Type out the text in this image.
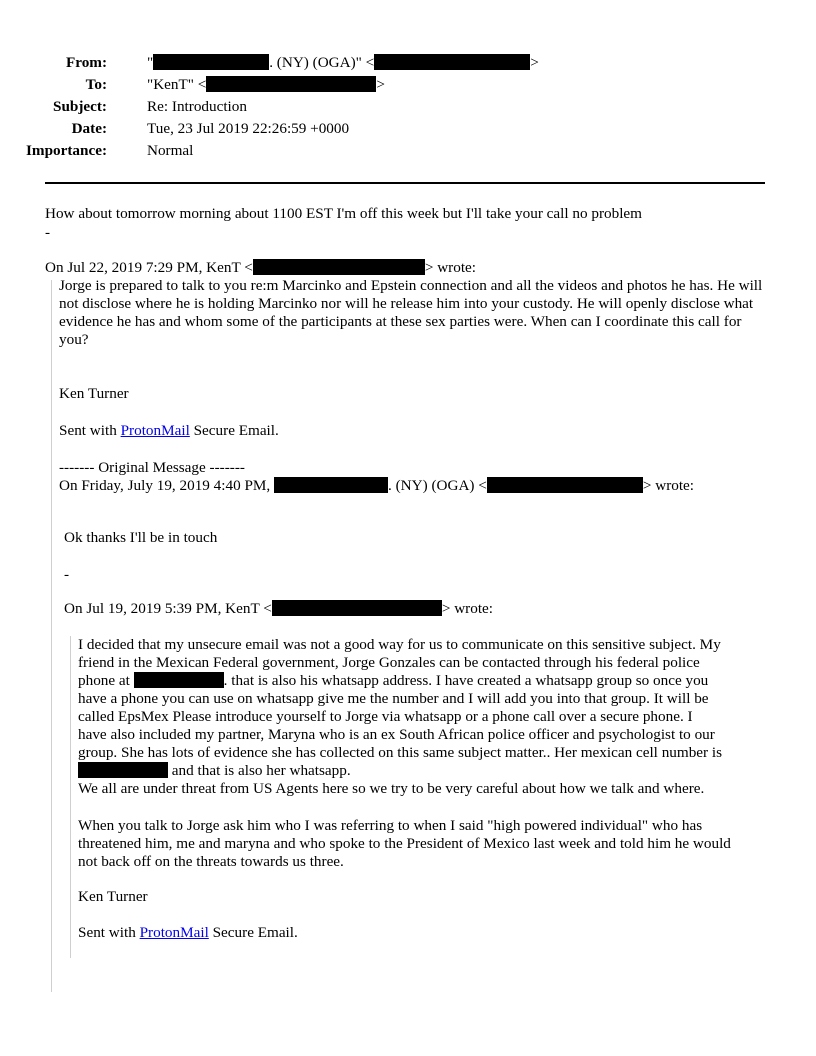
From:	"	. (NY) (OGA)" <	>
To:	"KenT" <	>
Subject:	Re: Introduction
Date:	Tue, 23 Jul 2019 22:26:59 +0000
Importance:	Normal
How about tomorrow morning about 1100 EST I'm off this week but I'll take your call no problem
-
On Jul 22, 2019 7:29 PM, KenT <	> wrote:
Jorge is prepared to talk to you re:m Marcinko and Epstein connection and all the videos and photos he has. He will not disclose where he is holding Marcinko nor will he release him into your custody. He will openly disclose what evidence he has and whom some of the participants at these sex parties were. When can I coordinate this call for you?
Ken Turner
Sent with ProtonMail Secure Email.
------- Original Message -------
On Friday, July 19, 2019 4:40 PM,	. (NY) (OGA) <	> wrote:
Ok thanks I'll be in touch
-
On Jul 19, 2019 5:39 PM, KenT <	> wrote:
I decided that my unsecure email was not a good way for us to communicate on this sensitive subject. My
friend in the Mexican Federal government, Jorge Gonzales can be contacted through his federal police
phone at	. that is also his whatsapp address. I have created a whatsapp group so once you
have a phone you can use on whatsapp give me the number and I will add you into that group. It will be
called EpsMex Please introduce yourself to Jorge via whatsapp or a phone call over a secure phone. I
have also included my partner, Maryna who is an ex South African police officer and psychologist to our
group. She has lots of evidence she has collected on this same subject matter.. Her mexican cell number is
and that is also her whatsapp.
We all are under threat from US Agents here so we try to be very careful about how we talk and where.
When you talk to Jorge ask him who I was referring to when I said "high powered individual" who has
threatened him, me and maryna and who spoke to the President of Mexico last week and told him he would
not back off on the threats towards us three.
Ken Turner
Sent with ProtonMail Secure Email.
